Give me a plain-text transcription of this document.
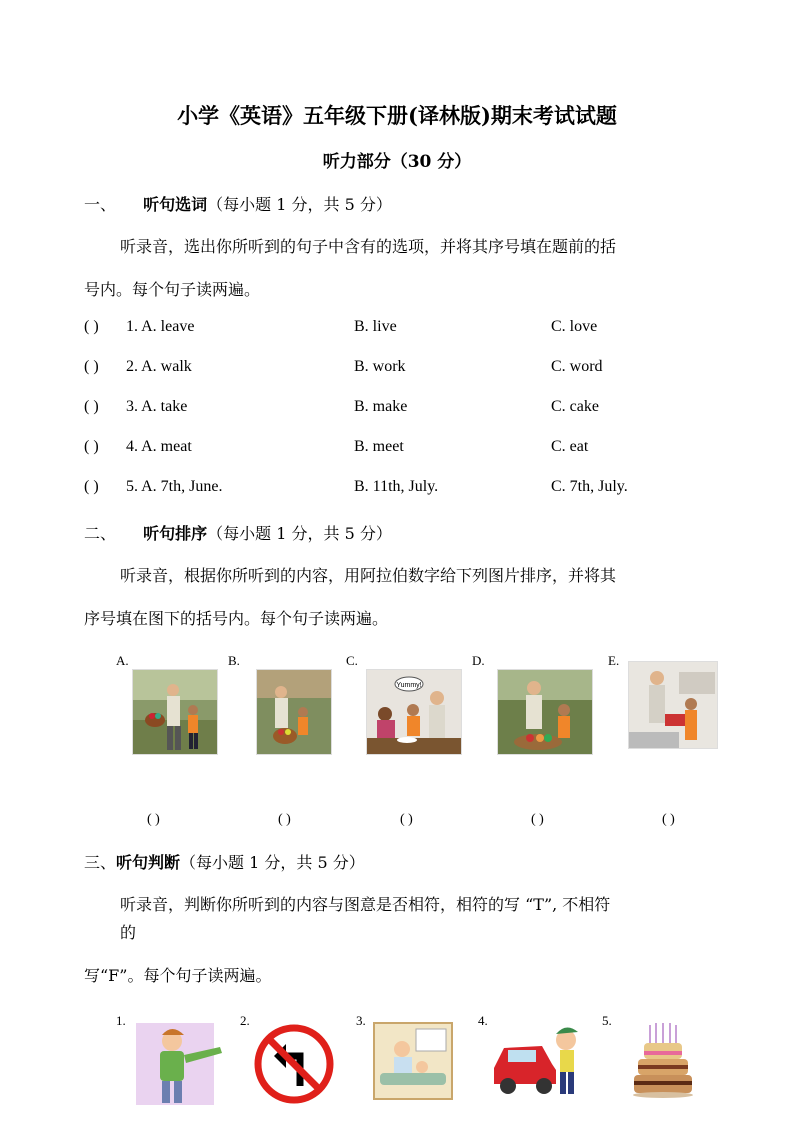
小学《英语》五年级下册(译林版)期末考试试题
听力部分（30 分）
一、 听句选词（每小题 1 分，共 5 分）
听录音，选出你所听到的句子中含有的选项，并将其序号填在题前的括
号内。每个句子读两遍。
( ) 1. A. leave	B. live	C. love
( ) 2. A. walk	B. work	C. word
( ) 3. A. take	B. make	C. cake
( ) 4. A. meat	B. meet	C. eat
( ) 5. A. 7th, June.	B. 11th, July.	C. 7th, July.
二、 听句排序（每小题 1 分，共 5 分）
听录音，根据你所听到的内容，用阿拉伯数字给下列图片排序，并将其
序号填在图下的括号内。每个句子读两遍。
A.	B.	C.
Yummy!
D.	E.
( )	( )	( )	( )	( )
三、听句判断（每小题 1 分，共 5 分）
听录音，判断你所听到的内容与图意是否相符，相符的写 “T”, 不相符
的
写“F”。每个句子读两遍。
1.	2.	3.	4.	5.
